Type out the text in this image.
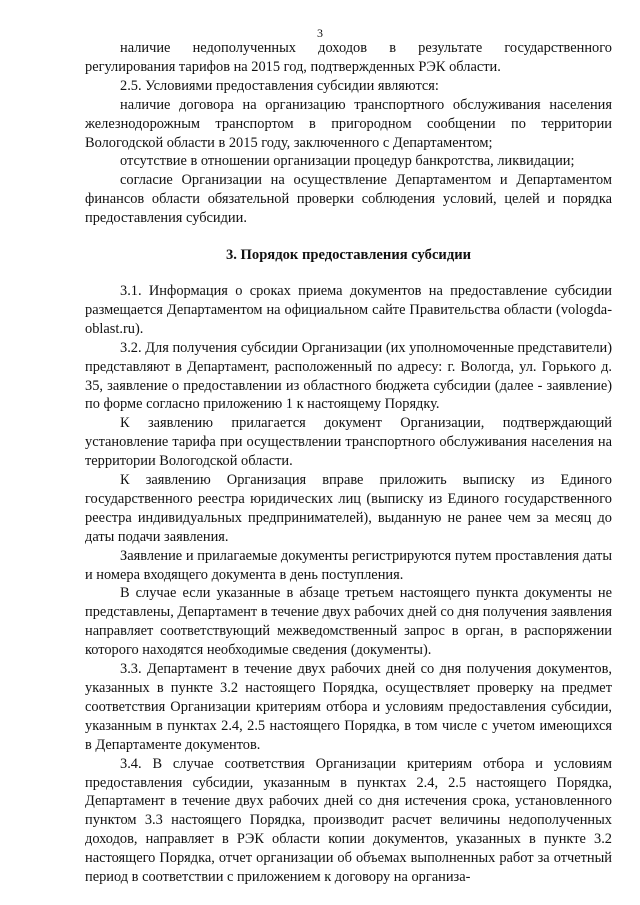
3

наличие недополученных доходов в результате государственного регулирования тарифов на 2015 год, подтвержденных РЭК области.

2.5. Условиями предоставления субсидии являются:

наличие договора на организацию транспортного обслуживания населения железнодорожным транспортом в пригородном сообщении по территории Вологодской области в 2015 году, заключенного с Департаментом;

отсутствие в отношении организации процедур банкротства, ликвидации;

согласие Организации на осуществление Департаментом и Департаментом финансов области обязательной проверки соблюдения условий, целей и порядка предоставления субсидии.

3. Порядок предоставления субсидии

3.1. Информация о сроках приема документов на предоставление субсидии размещается Департаментом на официальном сайте Правительства области (vologda-oblast.ru).

3.2. Для получения субсидии Организации (их уполномоченные представители) представляют в Департамент, расположенный по адресу: г. Вологда, ул. Горького д. 35, заявление о предоставлении из областного бюджета субсидии (далее - заявление) по форме согласно приложению 1 к настоящему Порядку.

К заявлению прилагается документ Организации, подтверждающий установление тарифа при осуществлении транспортного обслуживания населения на территории Вологодской области.

К заявлению Организация вправе приложить выписку из Единого государственного реестра юридических лиц (выписку из Единого государственного реестра индивидуальных предпринимателей), выданную не ранее чем за месяц до даты подачи заявления.

Заявление и прилагаемые документы регистрируются путем проставления даты и номера входящего документа в день поступления.

В случае если указанные в абзаце третьем настоящего пункта документы не представлены, Департамент в течение двух рабочих дней со дня получения заявления направляет соответствующий межведомственный запрос в орган, в распоряжении которого находятся необходимые сведения (документы).

3.3. Департамент в течение двух рабочих дней со дня получения документов, указанных в пункте 3.2 настоящего Порядка, осуществляет проверку на предмет соответствия Организации критериям отбора и условиям предоставления субсидии, указанным в пунктах 2.4, 2.5 настоящего Порядка, в том числе с учетом имеющихся в Департаменте документов.

3.4. В случае соответствия Организации критериям отбора и условиям предоставления субсидии, указанным в пунктах 2.4, 2.5 настоящего Порядка, Департамент в течение двух рабочих дней со дня истечения срока, установленного пунктом 3.3 настоящего Порядка, производит расчет величины недополученных доходов, направляет в РЭК области копии документов, указанных в пункте 3.2 настоящего Порядка, отчет организации об объемах выполненных работ за отчетный период в соответствии с приложением к договору на организа-
